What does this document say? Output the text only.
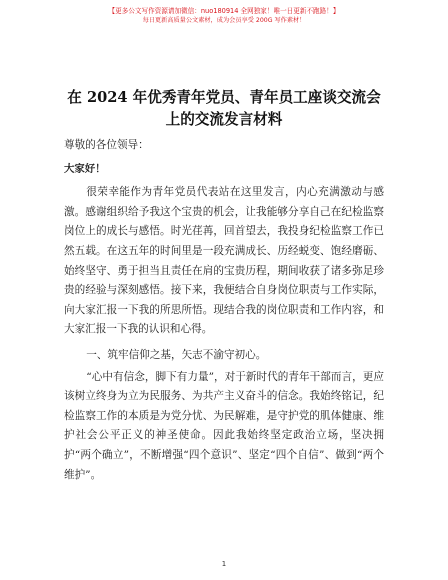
【更多公文写作资源请加微信：nuo180914 全网独家！唯一日更新不跑路！】
每日更新高质量公文素材，成为会员享受 200G 写作素材！
在 2024 年优秀青年党员、青年员工座谈交流会
上的交流发言材料

尊敬的各位领导：

大家好！

很荣幸能作为青年党员代表站在这里发言，内心充满激动与感激。感谢组织给予我这个宝贵的机会，让我能够分享自己在纪检监察岗位上的成长与感悟。时光荏苒，回首望去，我投身纪检监察工作已然五载。在这五年的时间里是一段充满成长、历经蜕变、饱经磨砺、始终坚守、勇于担当且责任在肩的宝贵历程，期间收获了诸多弥足珍贵的经验与深刻感悟。接下来，我便结合自身岗位职责与工作实际，向大家汇报一下我的所思所悟。现结合我的岗位职责和工作内容，和大家汇报一下我的认识和心得。

一、筑牢信仰之基，矢志不渝守初心。

“心中有信念，脚下有力量”，对于新时代的青年干部而言，更应该树立终身为立为民服务、为共产主义奋斗的信念。我始终铭记，纪检监察工作的本质是为党分忧、为民解难，是守护党的肌体健康、维护社会公平正义的神圣使命。因此我始终坚定政治立场，坚决拥护“两个确立”，不断增强“四个意识”、坚定“四个自信”、做到“两个维护”。

1
